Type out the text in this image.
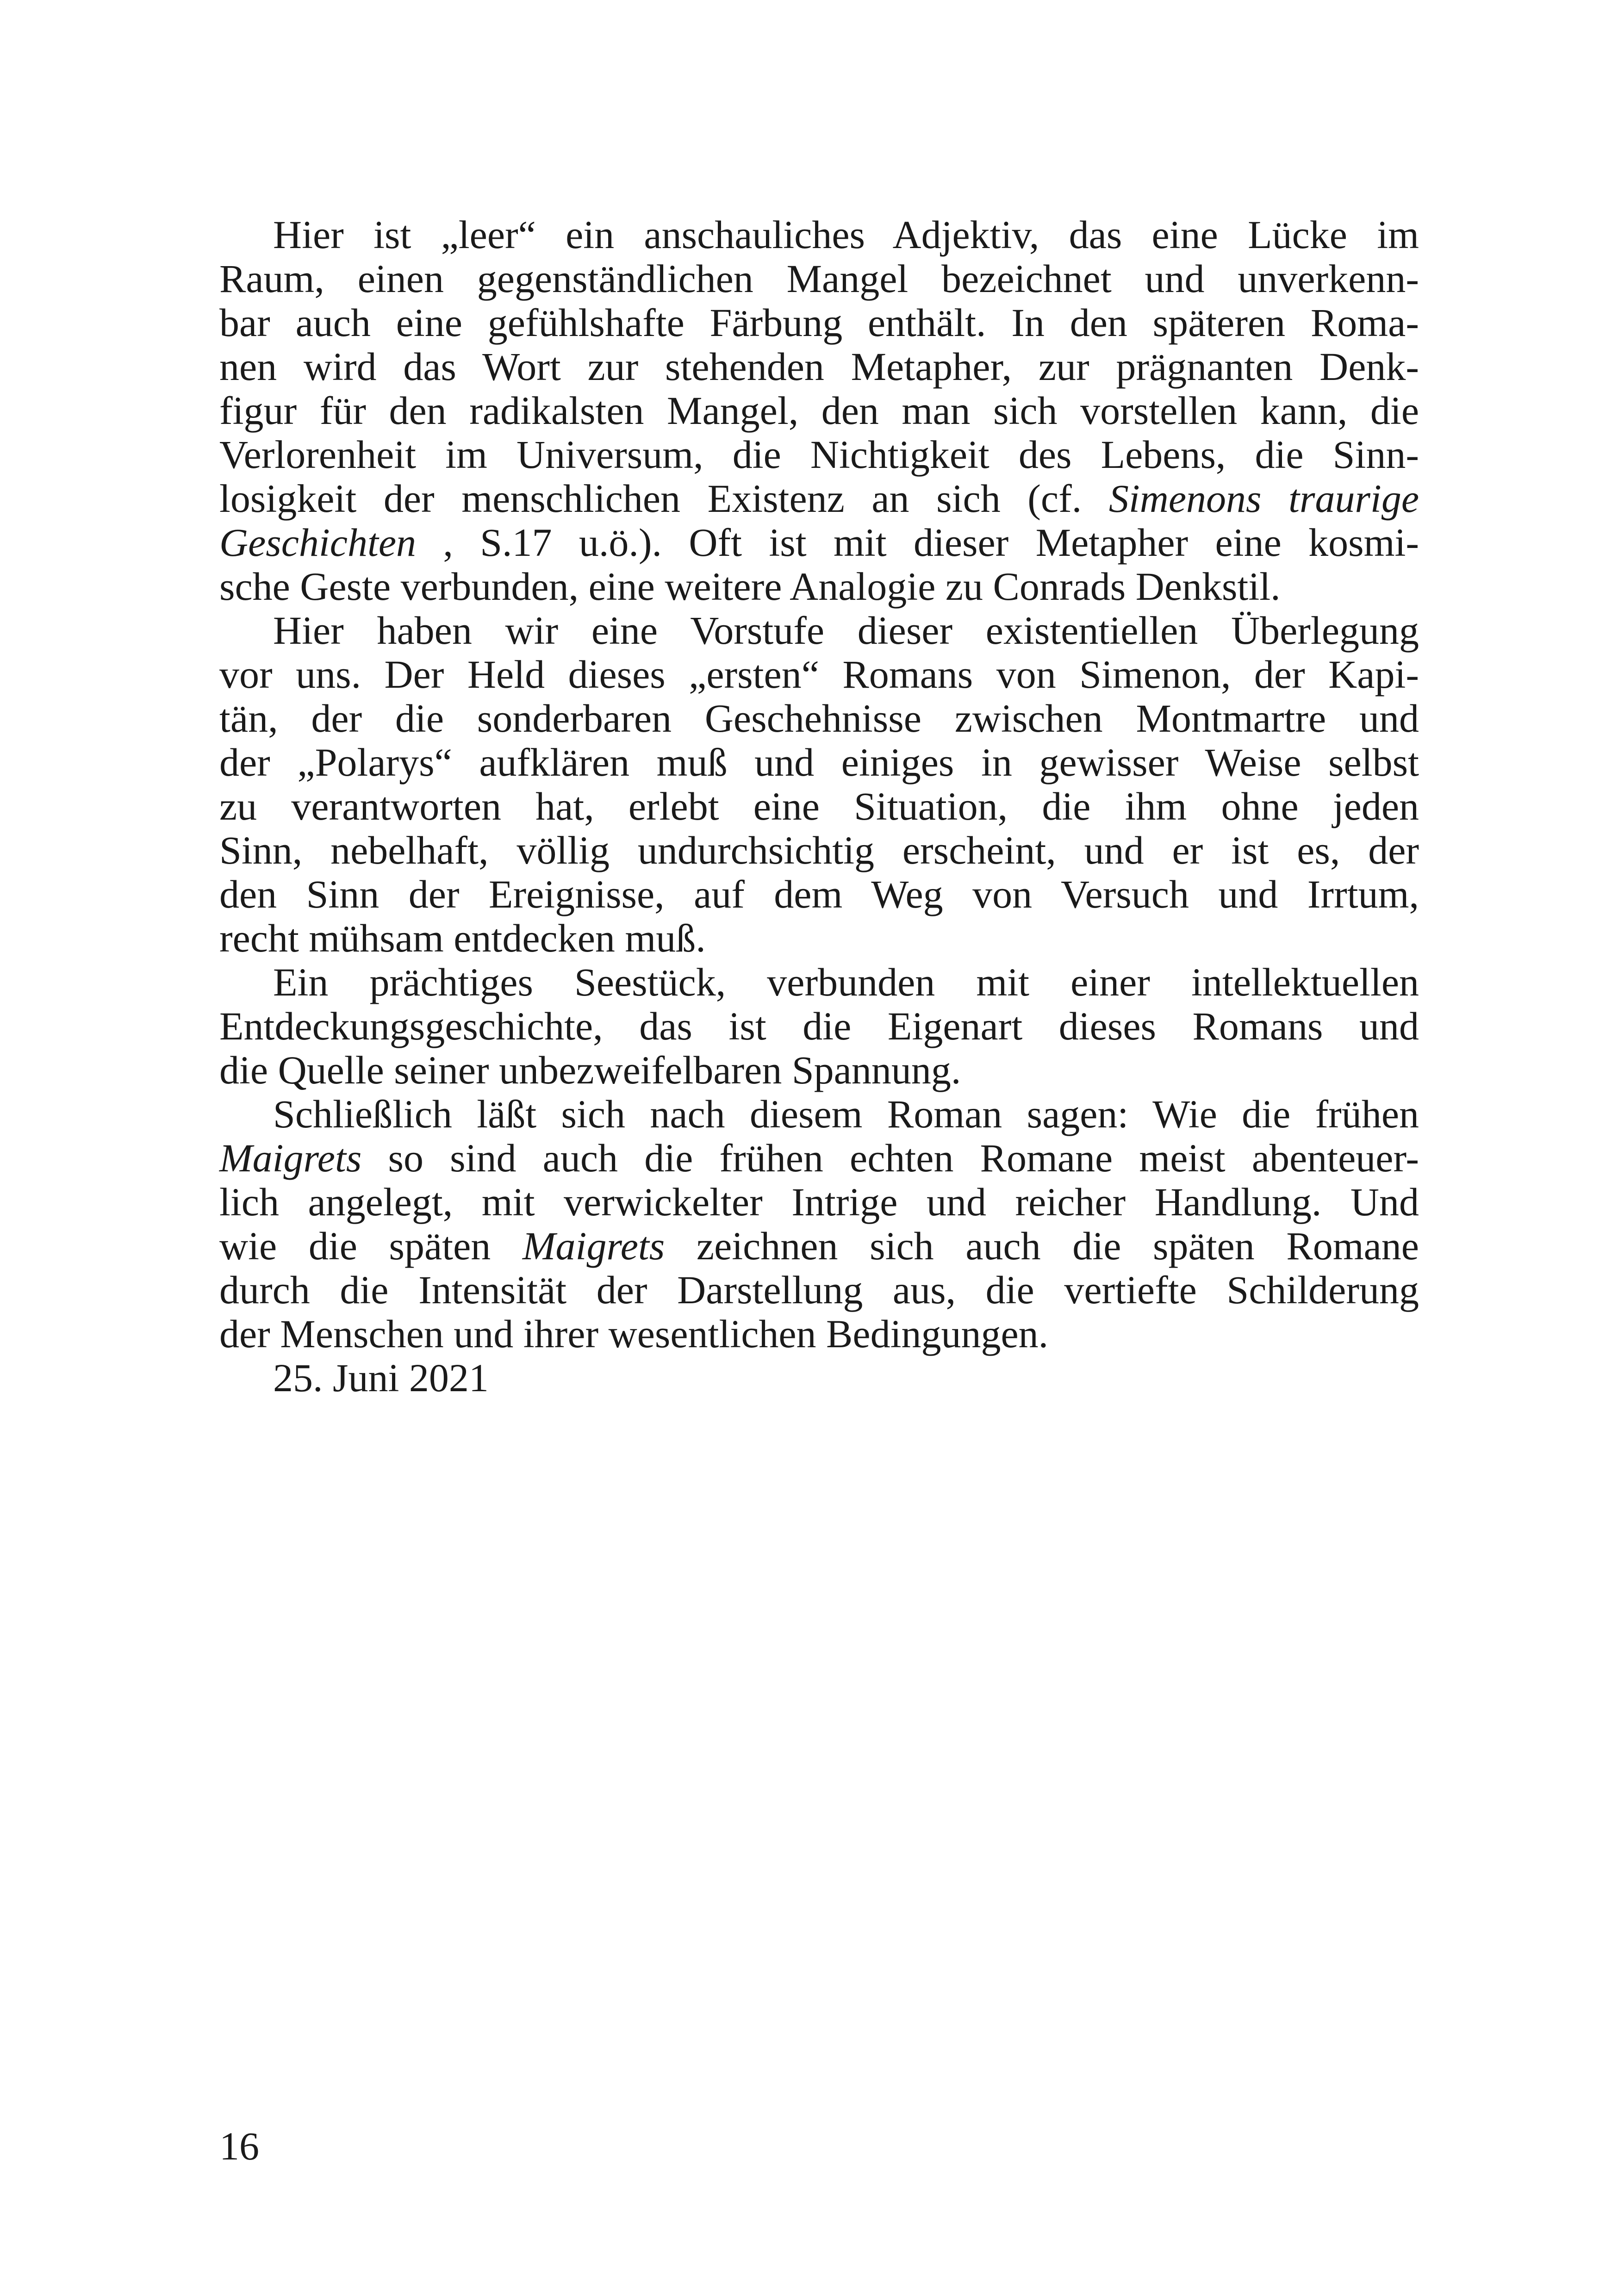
Hier ist „leer“ ein anschauliches Adjektiv, das eine Lücke im
Raum, einen gegenständlichen Mangel bezeichnet und unverkenn-
bar auch eine gefühlshafte Färbung enthält. In den späteren Roma-
nen wird das Wort zur stehenden Metapher, zur prägnanten Denk-
figur für den radikalsten Mangel, den man sich vorstellen kann, die
Verlorenheit im Universum, die Nichtigkeit des Lebens, die Sinn-
losigkeit der menschlichen Existenz an sich (cf. Simenons traurige
Geschichten , S.17 u.ö.). Oft ist mit dieser Metapher eine kosmi-
sche Geste verbunden, eine weitere Analogie zu Conrads Denkstil.
Hier haben wir eine Vorstufe dieser existentiellen Überlegung
vor uns. Der Held dieses „ersten“ Romans von Simenon, der Kapi-
tän, der die sonderbaren Geschehnisse zwischen Montmartre und
der „Polarys“ aufklären muß und einiges in gewisser Weise selbst
zu verantworten hat, erlebt eine Situation, die ihm ohne jeden
Sinn, nebelhaft, völlig undurchsichtig erscheint, und er ist es, der
den Sinn der Ereignisse, auf dem Weg von Versuch und Irrtum,
recht mühsam entdecken muß.
Ein prächtiges Seestück, verbunden mit einer intellektuellen
Entdeckungsgeschichte, das ist die Eigenart dieses Romans und
die Quelle seiner unbezweifelbaren Spannung.
Schließlich läßt sich nach diesem Roman sagen: Wie die frühen
Maigrets so sind auch die frühen echten Romane meist abenteuer-
lich angelegt, mit verwickelter Intrige und reicher Handlung. Und
wie die späten Maigrets zeichnen sich auch die späten Romane
durch die Intensität der Darstellung aus, die vertiefte Schilderung
der Menschen und ihrer wesentlichen Bedingungen.
25. Juni 2021
16
